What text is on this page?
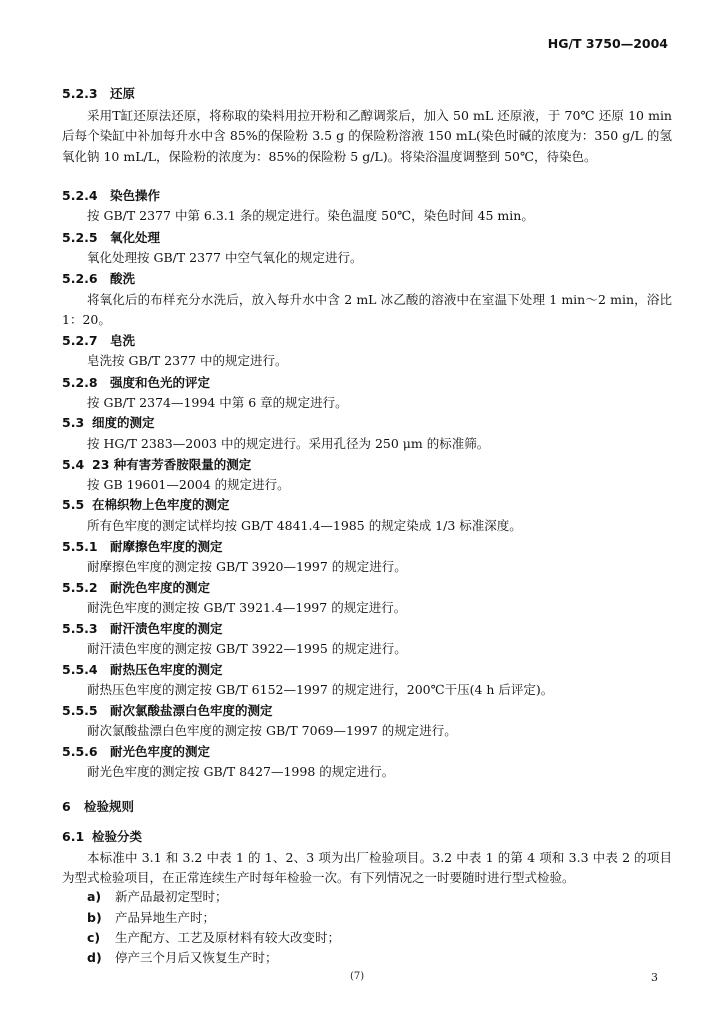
HG/T 3750—2004
5.2.3 还原
采用T缸还原法还原，将称取的染料用拉开粉和乙醇调浆后，加入 50 mL 还原液，于 70℃ 还原 10 min后每个染缸中补加每升水中含 85%的保险粉 3.5 g 的保险粉溶液 150 mL(染色时碱的浓度为：350 g/L 的氢氧化钠 10 mL/L，保险粉的浓度为：85%的保险粉 5 g/L)。将染浴温度调整到 50℃，待染色。
5.2.4 染色操作
按 GB/T 2377 中第 6.3.1 条的规定进行。染色温度 50℃，染色时间 45 min。
5.2.5 氧化处理
氧化处理按 GB/T 2377 中空气氧化的规定进行。
5.2.6 酸洗
将氧化后的布样充分水洗后，放入每升水中含 2 mL 冰乙酸的溶液中在室温下处理 1 min～2 min，浴比 1：20。
5.2.7 皂洗
皂洗按 GB/T 2377 中的规定进行。
5.2.8 强度和色光的评定
按 GB/T 2374—1994 中第 6 章的规定进行。
5.3 细度的测定
按 HG/T 2383—2003 中的规定进行。采用孔径为 250 μm 的标准筛。
5.4 23 种有害芳香胺限量的测定
按 GB 19601—2004 的规定进行。
5.5 在棉织物上色牢度的测定
所有色牢度的测定试样均按 GB/T 4841.4—1985 的规定染成 1/3 标准深度。
5.5.1 耐摩擦色牢度的测定
耐摩擦色牢度的测定按 GB/T 3920—1997 的规定进行。
5.5.2 耐洗色牢度的测定
耐洗色牢度的测定按 GB/T 3921.4—1997 的规定进行。
5.5.3 耐汗渍色牢度的测定
耐汗渍色牢度的测定按 GB/T 3922—1995 的规定进行。
5.5.4 耐热压色牢度的测定
耐热压色牢度的测定按 GB/T 6152—1997 的规定进行，200℃干压(4 h 后评定)。
5.5.5 耐次氯酸盐漂白色牢度的测定
耐次氯酸盐漂白色牢度的测定按 GB/T 7069—1997 的规定进行。
5.5.6 耐光色牢度的测定
耐光色牢度的测定按 GB/T 8427—1998 的规定进行。
6 检验规则
6.1 检验分类
本标准中 3.1 和 3.2 中表 1 的 1、2、3 项为出厂检验项目。3.2 中表 1 的第 4 项和 3.3 中表 2 的项目为型式检验项目，在正常连续生产时每年检验一次。有下列情况之一时要随时进行型式检验。
a) 新产品最初定型时；
b) 产品异地生产时；
c) 生产配方、工艺及原材料有较大改变时；
d) 停产三个月后又恢复生产时；
(7)	3
